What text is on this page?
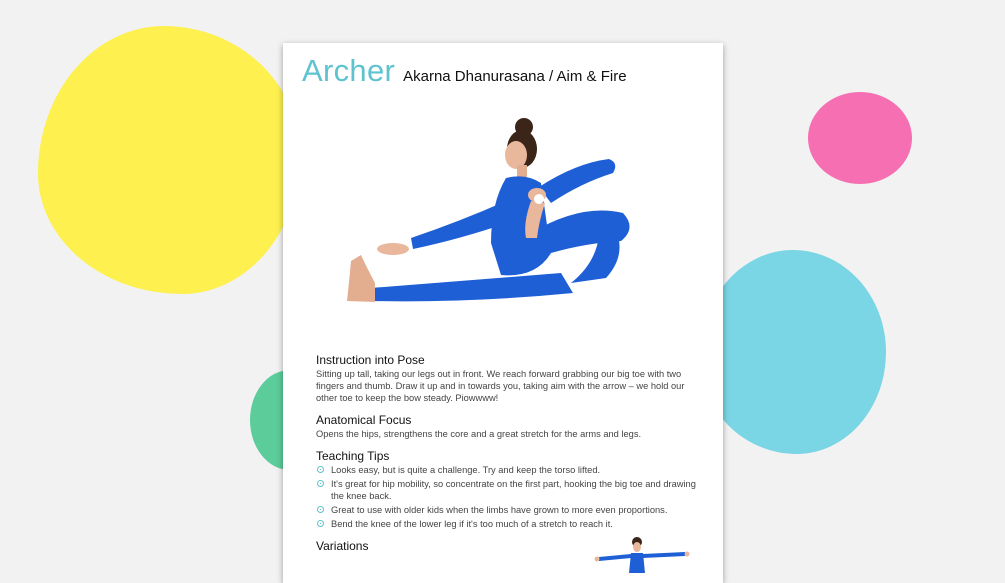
Archer Akarna Dhanurasana / Aim & Fire
Instruction into Pose

Sitting up tall, taking our legs out in front. We reach forward grabbing our big toe with two fingers and thumb. Draw it up and in towards you, taking aim with the arrow – we hold our other toe to keep the bow steady. Piowwww!

Anatomical Focus

Opens the hips, strengthens the core and a great stretch for the arms and legs.

Teaching Tips
Looks easy, but is quite a challenge. Try and keep the torso lifted.
It's great for hip mobility, so concentrate on the first part, hooking the big toe and drawing the knee back.
Great to use with older kids when the limbs have grown to more even proportions.
Bend the knee of the lower leg if it's too much of a stretch to reach it.
Variations
